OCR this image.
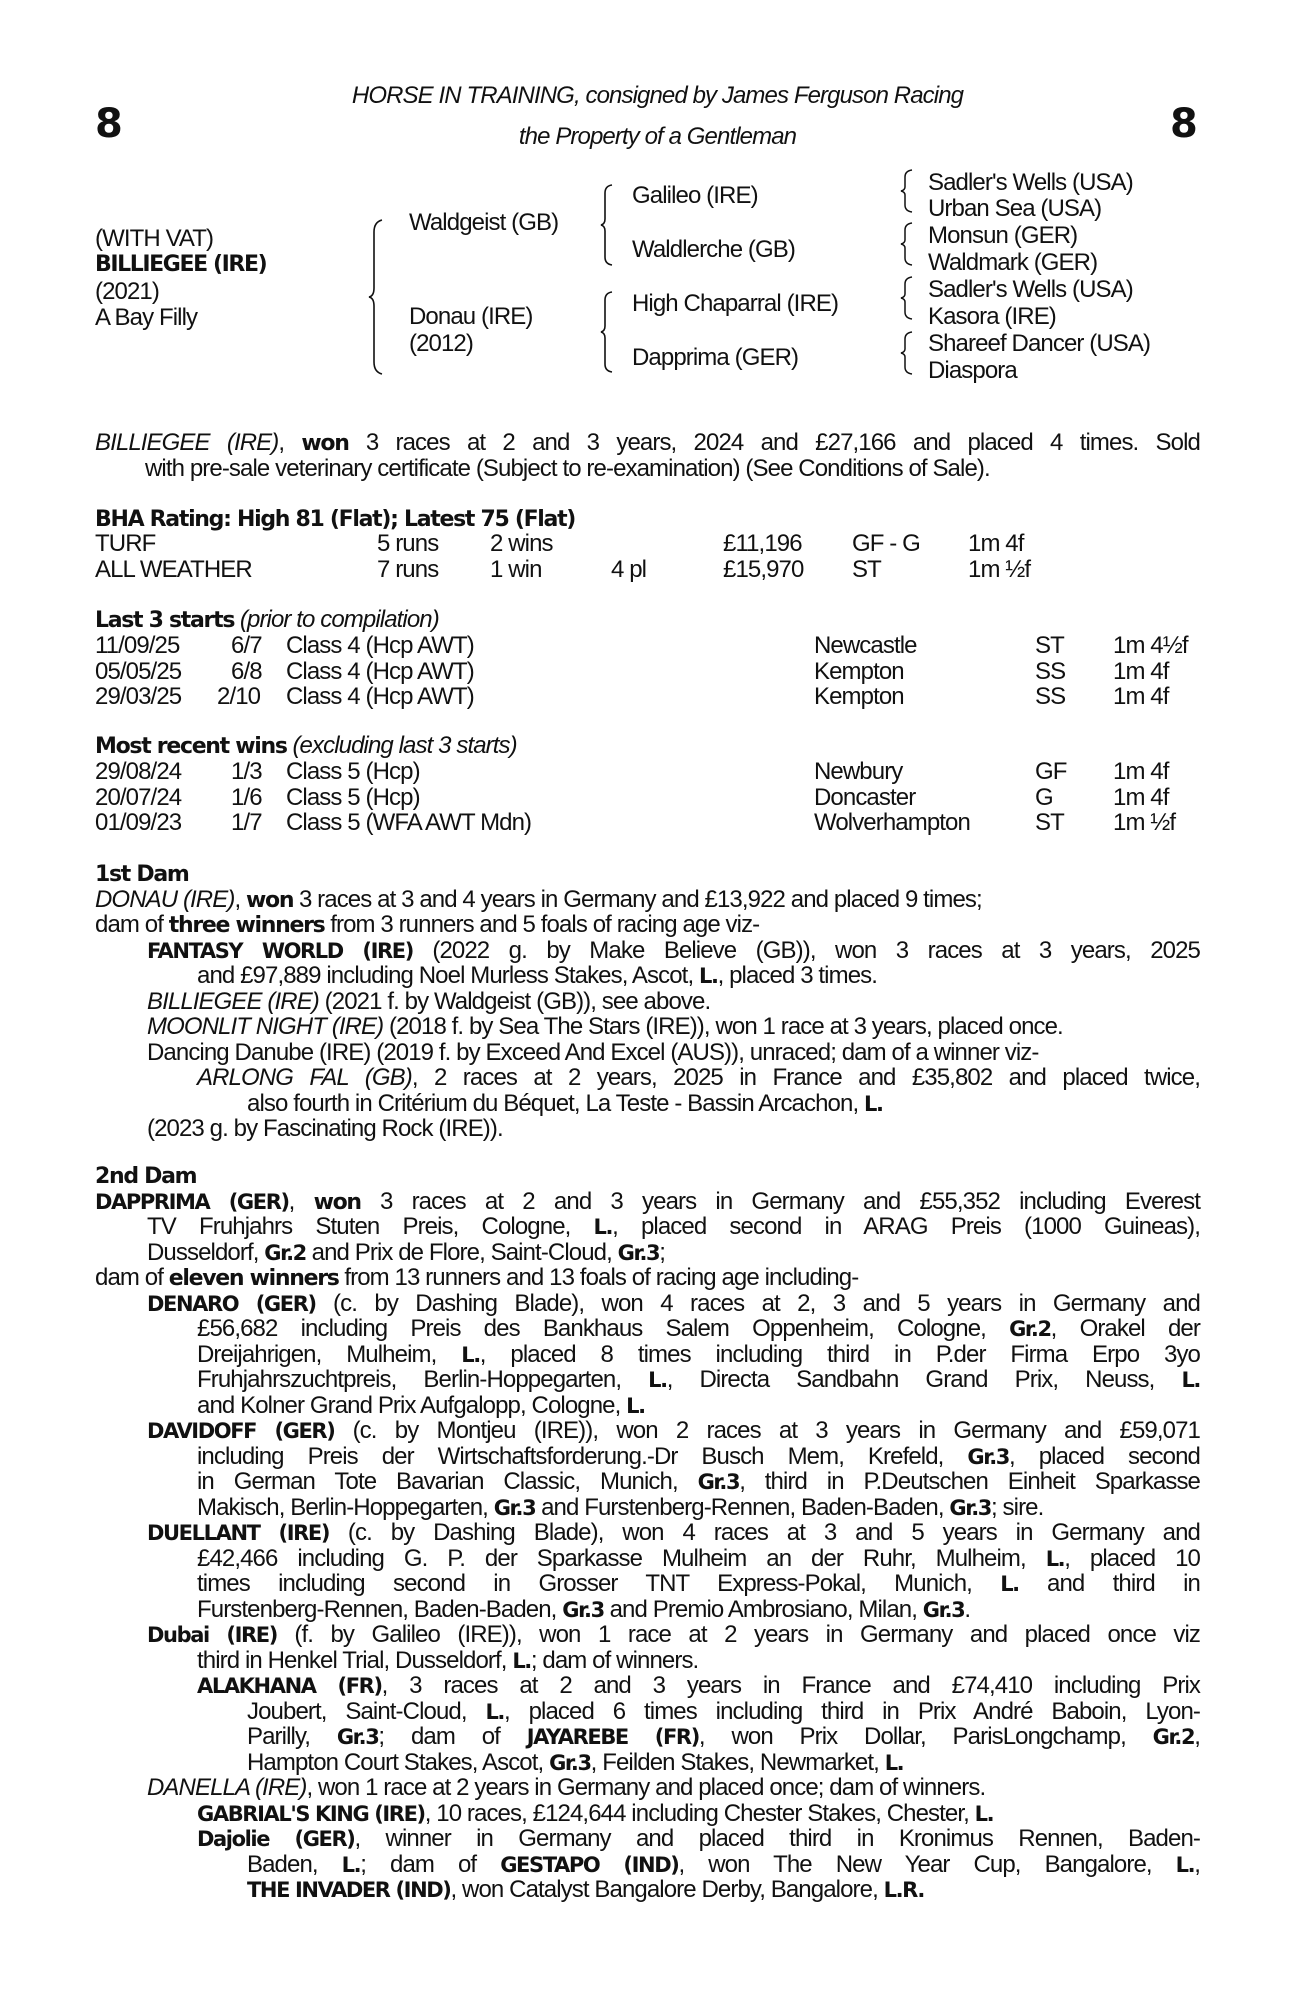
8	8
HORSE IN TRAINING, consigned by James Ferguson Racing
the Property of a Gentleman
(WITH VAT)
BILLIEGEE (IRE)
(2021)
A Bay Filly
Waldgeist (GB)
Donau (IRE)
(2012)
Galileo (IRE)
Waldlerche (GB)
High Chaparral (IRE)
Dapprima (GER)
Sadler's Wells (USA)
Urban Sea (USA)
Monsun (GER)
Waldmark (GER)
Sadler's Wells (USA)
Kasora (IRE)
Shareef Dancer (USA)
Diaspora
BILLIEGEE (IRE), won 3 races at 2 and 3 years, 2024 and £27,166 and placed 4 times. Sold
with pre-sale veterinary certificate (Subject to re-examination) (See Conditions of Sale).
BHA Rating: High 81 (Flat); Latest 75 (Flat)
TURF	5 runs 2 wins	£11,196 GF - G 1m 4f
ALL WEATHER	7 runs 1 win	4 pl	£15,970 ST	1m ½f
Last 3 starts (prior to compilation)
11/09/25 6/7 Class 4 (Hcp AWT)	Newcastle	ST 1m 4½f
05/05/25 6/8 Class 4 (Hcp AWT)	Kempton	SS 1m 4f
29/03/25 2/10 Class 4 (Hcp AWT)	Kempton	SS 1m 4f
Most recent wins (excluding last 3 starts)
29/08/24 1/3 Class 5 (Hcp)	Newbury	GF 1m 4f
20/07/24 1/6 Class 5 (Hcp)	Doncaster	G	1m 4f
01/09/23 1/7 Class 5 (WFA AWT Mdn)	Wolverhampton	ST 1m ½f
1st Dam
DONAU (IRE), won 3 races at 3 and 4 years in Germany and £13,922 and placed 9 times;
dam of three winners from 3 runners and 5 foals of racing age viz-
FANTASY WORLD (IRE) (2022 g. by Make Believe (GB)), won 3 races at 3 years, 2025
and £97,889 including Noel Murless Stakes, Ascot, L., placed 3 times.
BILLIEGEE (IRE) (2021 f. by Waldgeist (GB)), see above.
MOONLIT NIGHT (IRE) (2018 f. by Sea The Stars (IRE)), won 1 race at 3 years, placed once.
Dancing Danube (IRE) (2019 f. by Exceed And Excel (AUS)), unraced; dam of a winner viz-
ARLONG FAL (GB), 2 races at 2 years, 2025 in France and £35,802 and placed twice,
also fourth in Critérium du Béquet, La Teste - Bassin Arcachon, L.
(2023 g. by Fascinating Rock (IRE)).
2nd Dam
DAPPRIMA (GER), won 3 races at 2 and 3 years in Germany and £55,352 including Everest
TV Fruhjahrs Stuten Preis, Cologne, L., placed second in ARAG Preis (1000 Guineas),
Dusseldorf, Gr.2 and Prix de Flore, Saint-Cloud, Gr.3;
dam of eleven winners from 13 runners and 13 foals of racing age including-
DENARO (GER) (c. by Dashing Blade), won 4 races at 2, 3 and 5 years in Germany and
£56,682 including Preis des Bankhaus Salem Oppenheim, Cologne, Gr.2, Orakel der
Dreijahrigen, Mulheim, L., placed 8 times including third in P.der Firma Erpo 3yo
Fruhjahrszuchtpreis, Berlin-Hoppegarten, L., Directa Sandbahn Grand Prix, Neuss, L.
and Kolner Grand Prix Aufgalopp, Cologne, L.
DAVIDOFF (GER) (c. by Montjeu (IRE)), won 2 races at 3 years in Germany and £59,071
including Preis der Wirtschaftsforderung.-Dr Busch Mem, Krefeld, Gr.3, placed second
in German Tote Bavarian Classic, Munich, Gr.3, third in P.Deutschen Einheit Sparkasse
Makisch, Berlin-Hoppegarten, Gr.3 and Furstenberg-Rennen, Baden-Baden, Gr.3; sire.
DUELLANT (IRE) (c. by Dashing Blade), won 4 races at 3 and 5 years in Germany and
£42,466 including G. P. der Sparkasse Mulheim an der Ruhr, Mulheim, L., placed 10
times including second in Grosser TNT Express-Pokal, Munich, L. and third in
Furstenberg-Rennen, Baden-Baden, Gr.3 and Premio Ambrosiano, Milan, Gr.3.
Dubai (IRE) (f. by Galileo (IRE)), won 1 race at 2 years in Germany and placed once viz
third in Henkel Trial, Dusseldorf, L.; dam of winners.
ALAKHANA (FR), 3 races at 2 and 3 years in France and £74,410 including Prix
Joubert, Saint-Cloud, L., placed 6 times including third in Prix André Baboin, Lyon-
Parilly, Gr.3; dam of JAYAREBE (FR), won Prix Dollar, ParisLongchamp, Gr.2,
Hampton Court Stakes, Ascot, Gr.3, Feilden Stakes, Newmarket, L.
DANELLA (IRE), won 1 race at 2 years in Germany and placed once; dam of winners.
GABRIAL'S KING (IRE), 10 races, £124,644 including Chester Stakes, Chester, L.
Dajolie (GER), winner in Germany and placed third in Kronimus Rennen, Baden-
Baden, L.; dam of GESTAPO (IND), won The New Year Cup, Bangalore, L.,
THE INVADER (IND), won Catalyst Bangalore Derby, Bangalore, L.R.
